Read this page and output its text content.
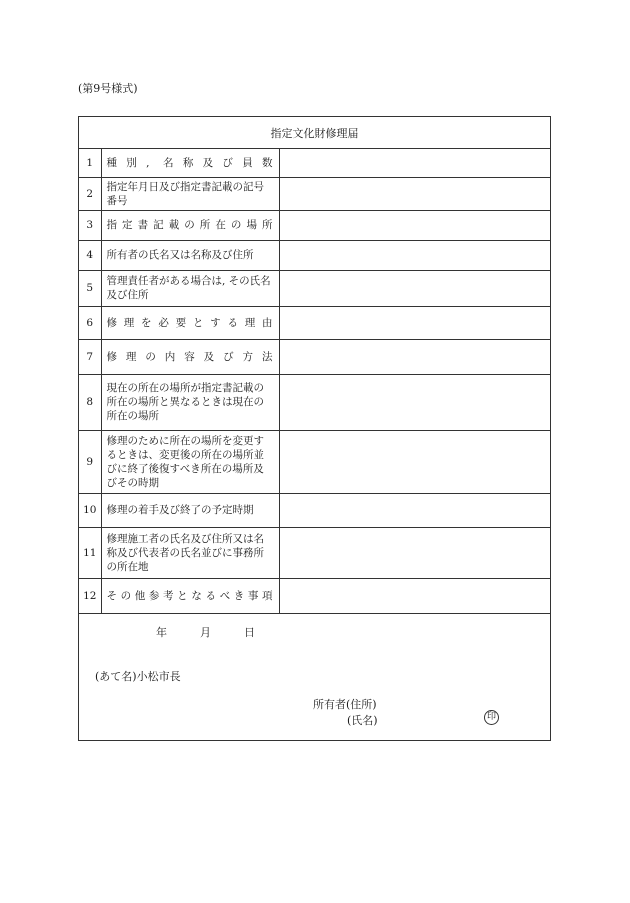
(第9号様式)
指定文化財修理届
1	種別, 名称及び員数	
2	指定年月日及び指定書記載の記号番号	
3	指定書記載の所在の場所	
4	所有者の氏名又は名称及び住所	
5	管理責任者がある場合は, その氏名及び住所	
6	修理を必要とする理由	
7	修理の内容及び方法	
8	現在の所在の場所が指定書記載の所在の場所と異なるときは現在の所在の場所	
9	修理のために所在の場所を変更するときは、変更後の所在の場所並びに終了後復すべき所在の場所及びその時期	
10	修理の着手及び終了の予定時期	
11	修理施工者の氏名及び住所又は名称及び代表者の氏名並びに事務所の所在地	
12	その他参考となるべき事項	
年	月	日
(あて名)小松市長
所有者(住所)
(氏名)	印
